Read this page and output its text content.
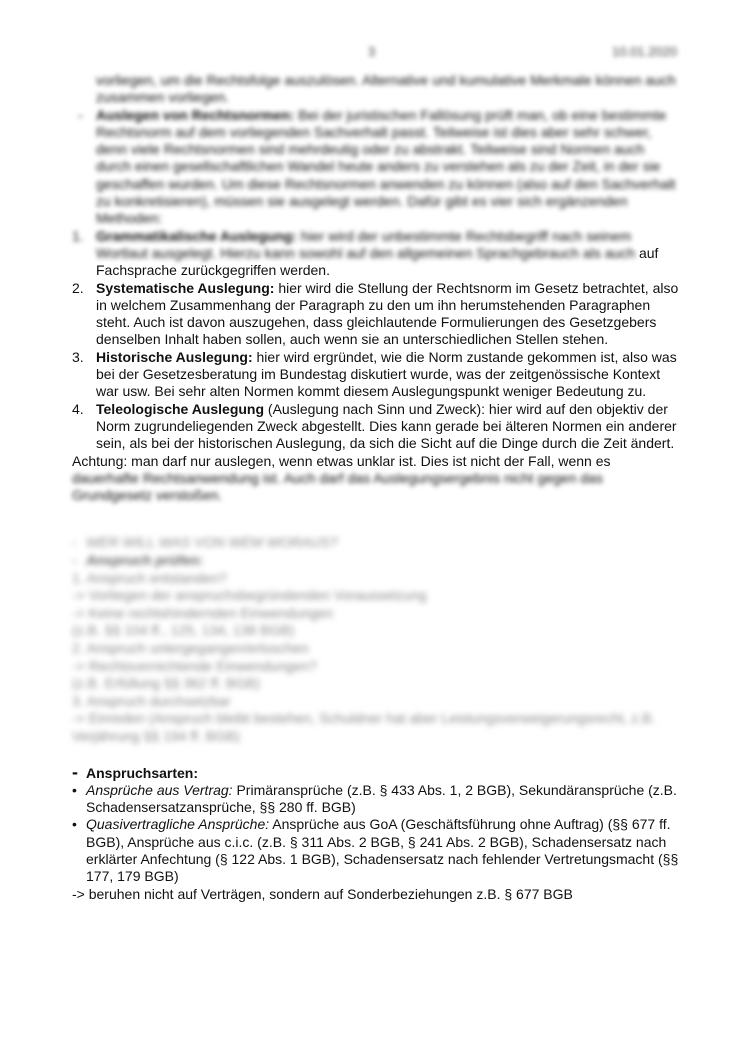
3	10.01.2020

vorliegen, um die Rechtsfolge auszulösen. Alternative und kumulative Merkmale können auch zusammen vorliegen.

- Auslegen von Rechtsnormen: Bei der juristischen Fallösung prüft man, ob eine bestimmte Rechtsnorm auf dem vorliegenden Sachverhalt passt. Teilweise ist dies aber sehr schwer, denn viele Rechtsnormen sind mehrdeutig oder zu abstrakt. Teilweise sind Normen auch durch einen gesellschaftlichen Wandel heute anders zu verstehen als zu der Zeit, in der sie geschaffen wurden. Um diese Rechtsnormen anwenden zu können (also auf den Sachverhalt zu konkretisieren), müssen sie ausgelegt werden. Dafür gibt es vier sich ergänzenden Methoden:
1. Grammatikalische Auslegung: hier wird der unbestimmte Rechtsbegriff nach seinem Wortlaut ausgelegt. Hierzu kann sowohl auf den allgemeinen Sprachgebrauch als auch auf Fachsprache zurückgegriffen werden.
2. Systematische Auslegung: hier wird die Stellung der Rechtsnorm im Gesetz betrachtet, also in welchem Zusammenhang der Paragraph zu den um ihn herumstehenden Paragraphen steht. Auch ist davon auszugehen, dass gleichlautende Formulierungen des Gesetzgebers denselben Inhalt haben sollen, auch wenn sie an unterschiedlichen Stellen stehen.
3. Historische Auslegung: hier wird ergründet, wie die Norm zustande gekommen ist, also was bei der Gesetzesberatung im Bundestag diskutiert wurde, was der zeitgenössische Kontext war usw. Bei sehr alten Normen kommt diesem Auslegungspunkt weniger Bedeutung zu.
4. Teleologische Auslegung (Auslegung nach Sinn und Zweck): hier wird auf den objektiv der Norm zugrundeliegenden Zweck abgestellt. Dies kann gerade bei älteren Normen ein anderer sein, als bei der historischen Auslegung, da sich die Sicht auf die Dinge durch die Zeit ändert.

Achtung: man darf nur auslegen, wenn etwas unklar ist. Dies ist nicht der Fall, wenn es

dauerhafte Rechtsanwendung ist. Auch darf das Auslegungsergebnis nicht gegen das Grundgesetz verstoßen.

- WER WILL WAS VON WEM WORAUS?
- Anspruch prüfen:

1. Anspruch entstanden?

-> Vorliegen der anspruchsbegründenden Voraussetzung

-> Keine rechtshindernden Einwendungen

(z.B. §§ 104 ff., 125, 134, 138 BGB)

2. Anspruch untergegangen/erloschen

-> Rechtsvernichtende Einwendungen?

(z.B. Erfüllung §§ 362 ff. BGB)

3. Anspruch durchsetzbar

-> Einreden (Anspruch bleibt bestehen, Schuldner hat aber Leistungsverweigerungsrecht, z.B. Verjährung §§ 194 ff. BGB)

- Anspruchsarten:
• Ansprüche aus Vertrag: Primäransprüche (z.B. § 433 Abs. 1, 2 BGB), Sekundäransprüche (z.B. Schadensersatzansprüche, §§ 280 ff. BGB)
• Quasivertragliche Ansprüche: Ansprüche aus GoA (Geschäftsführung ohne Auftrag) (§§ 677 ff. BGB), Ansprüche aus c.i.c. (z.B. § 311 Abs. 2 BGB, § 241 Abs. 2 BGB), Schadensersatz nach erklärter Anfechtung (§ 122 Abs. 1 BGB), Schadensersatz nach fehlender Vertretungsmacht (§§ 177, 179 BGB)

-> beruhen nicht auf Verträgen, sondern auf Sonderbeziehungen z.B. § 677 BGB
